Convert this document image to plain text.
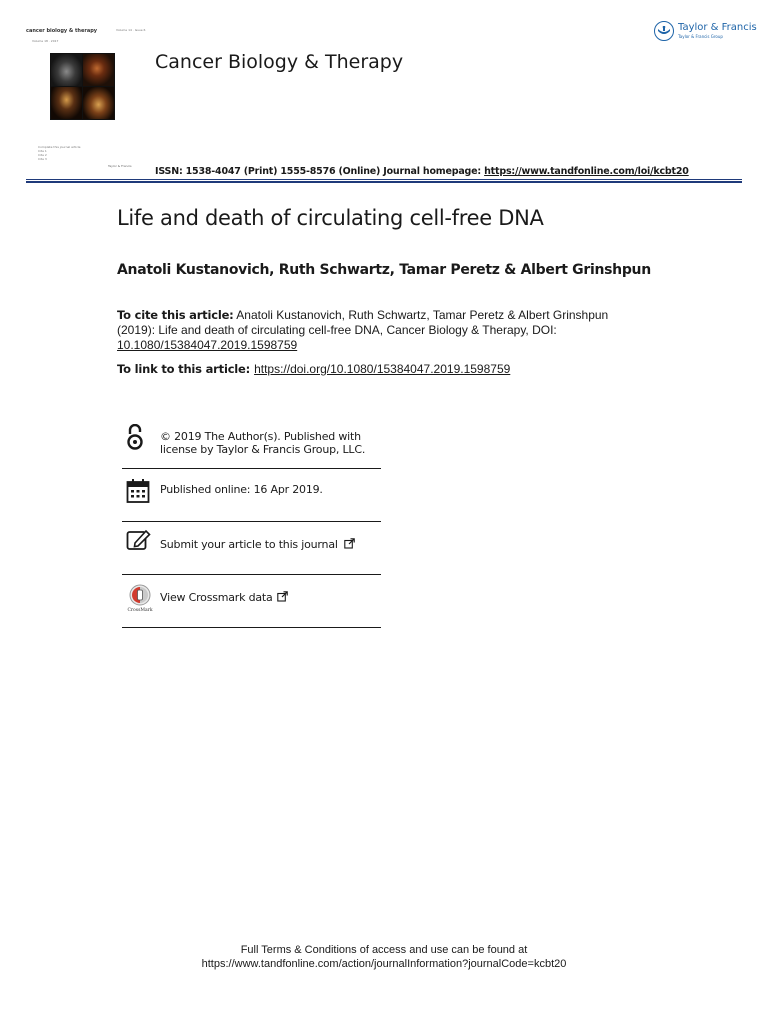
cancer biology & therapy	Volume 14 · Issue 6
Volume 18 · 2017
Complete this journal article
Cite 1
Cite 2
Cite 3
Taylor & Francis
Cancer Biology & Therapy
Taylor & Francis
Taylor & Francis Group
ISSN: 1538-4047 (Print) 1555-8576 (Online) Journal homepage: https://www.tandfonline.com/loi/kcbt20
Life and death of circulating cell-free DNA
Anatoli Kustanovich, Ruth Schwartz, Tamar Peretz & Albert Grinshpun
To cite this article: Anatoli Kustanovich, Ruth Schwartz, Tamar Peretz & Albert Grinshpun (2019): Life and death of circulating cell-free DNA, Cancer Biology & Therapy, DOI: 10.1080/15384047.2019.1598759
To link to this article: https://doi.org/10.1080/15384047.2019.1598759
© 2019 The Author(s). Published with
license by Taylor & Francis Group, LLC.
Published online: 16 Apr 2019.
Submit your article to this journal
CrossMark
View Crossmark data
Full Terms & Conditions of access and use can be found at
https://www.tandfonline.com/action/journalInformation?journalCode=kcbt20
